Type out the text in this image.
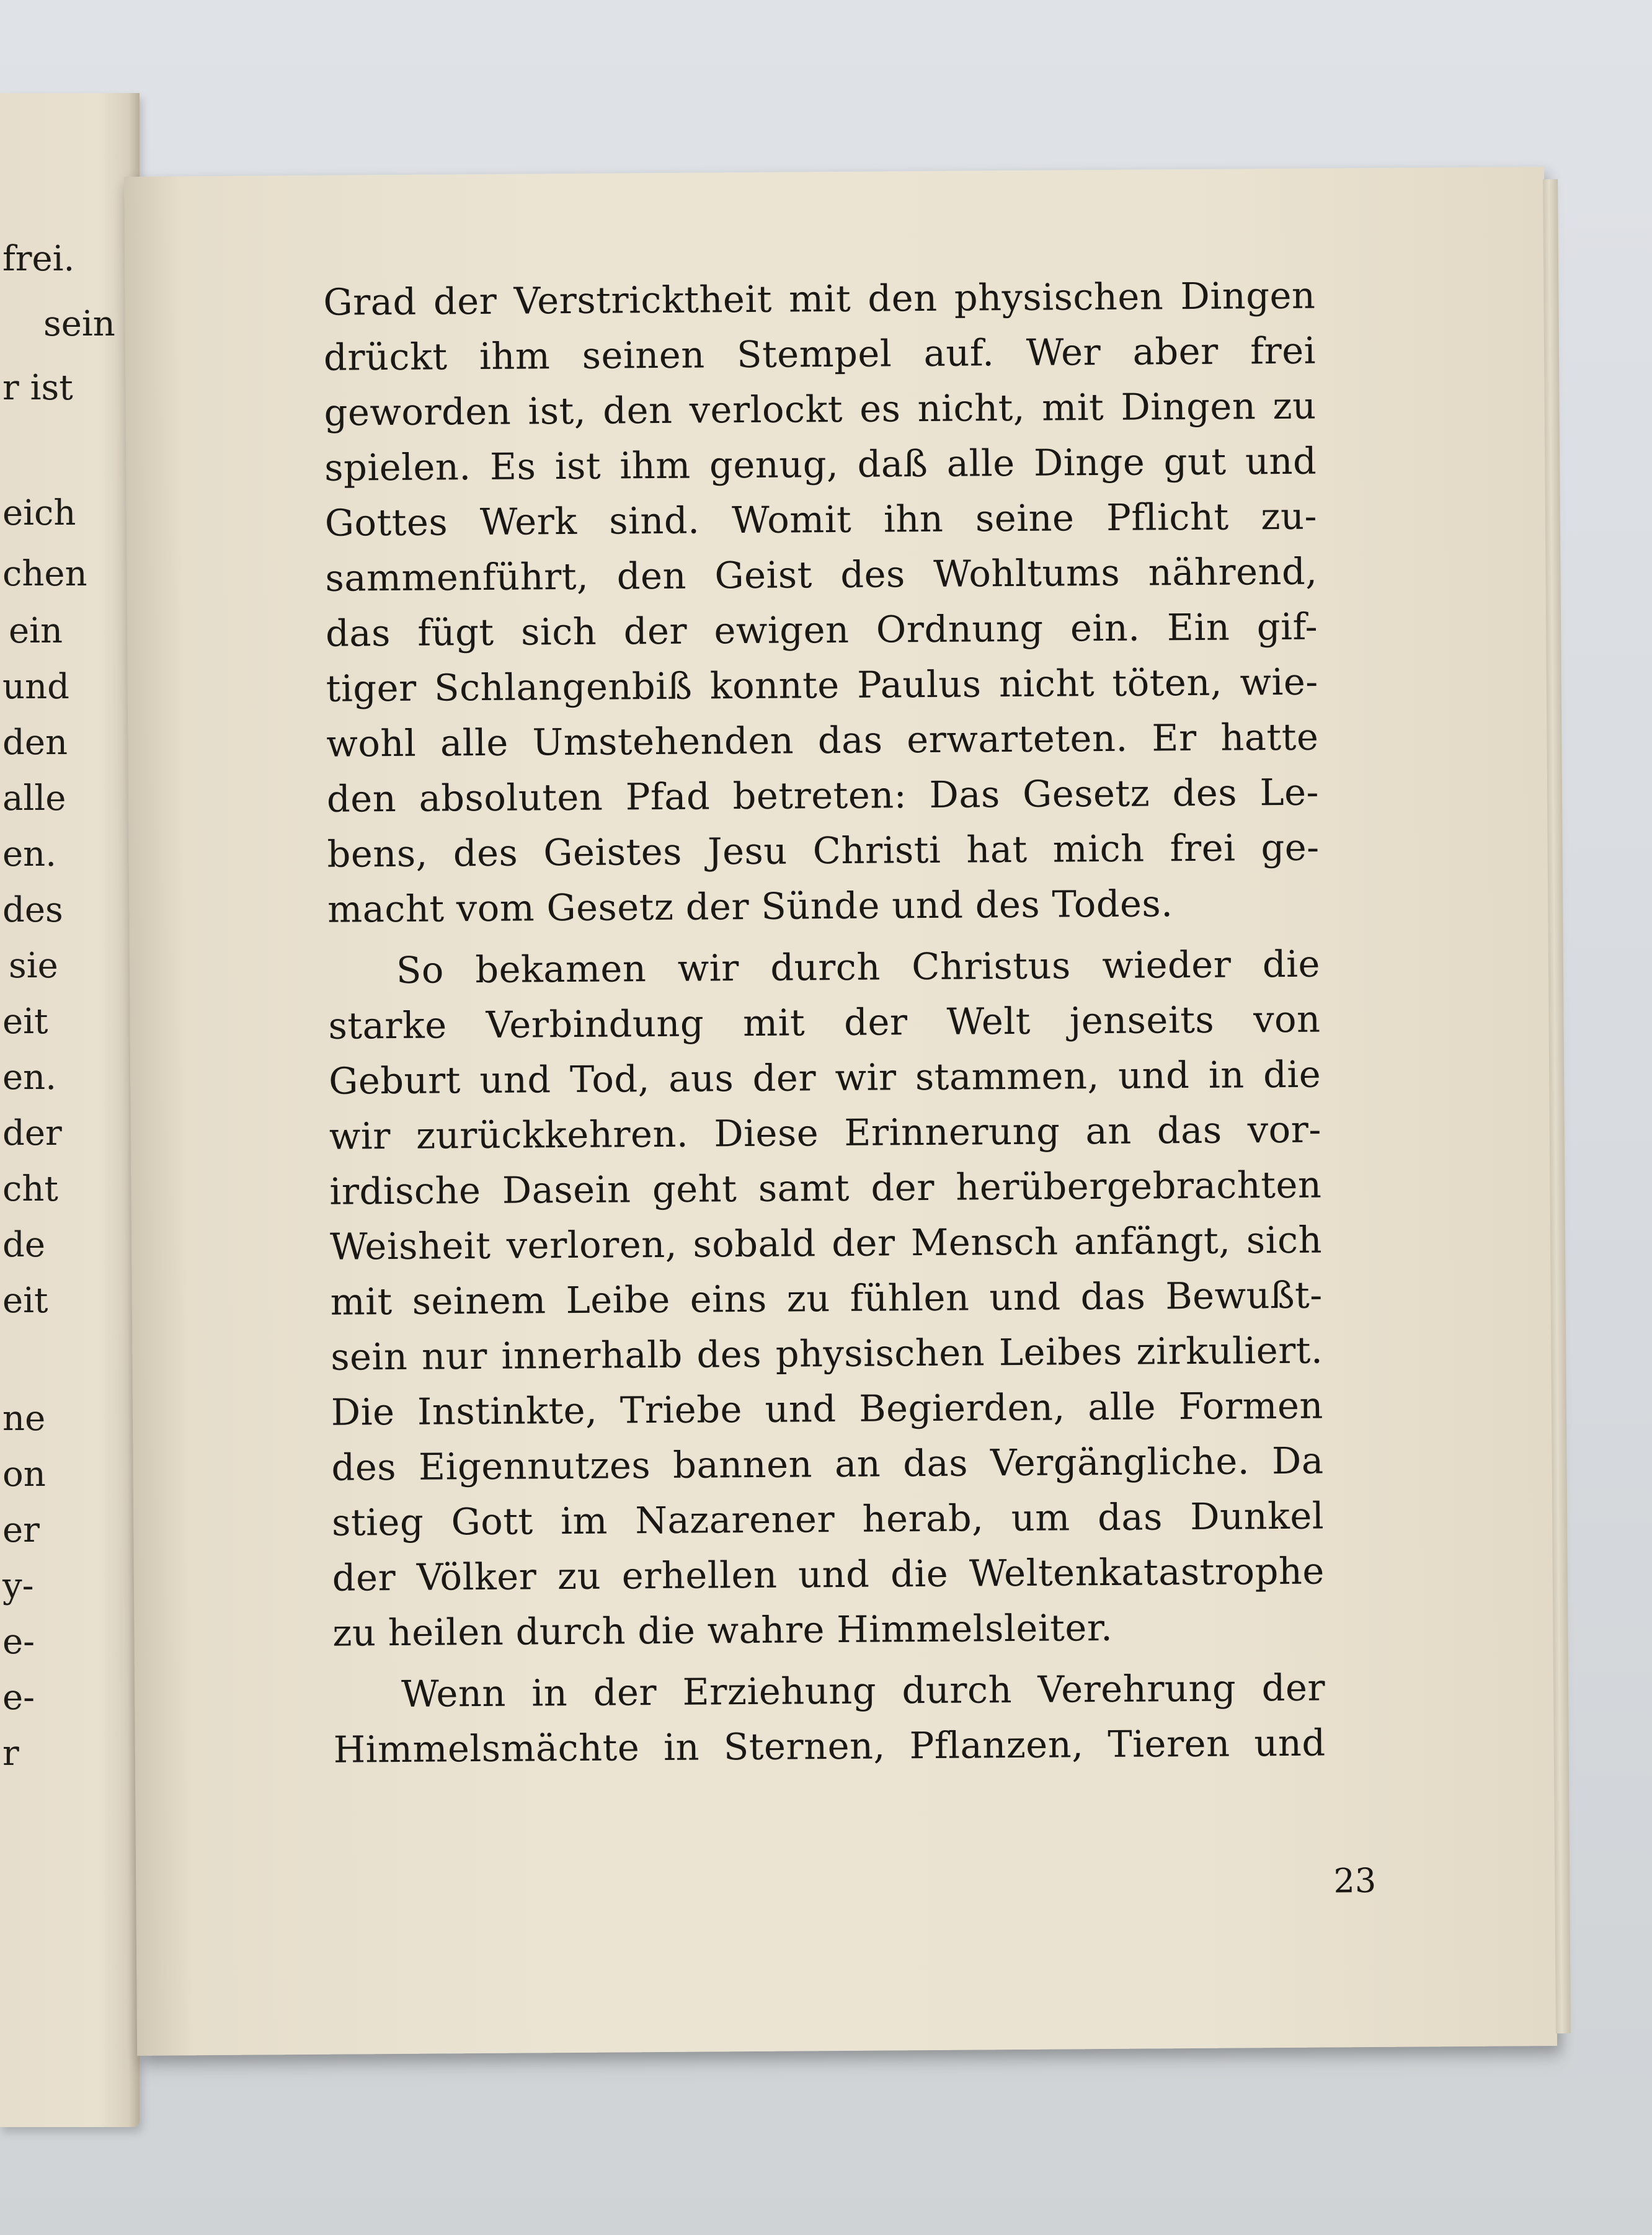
frei.
sein
r ist
eich
chen
ein
und
den
alle
en.
des
sie
eit
en.
der
cht
de
eit
ne
on
er
y-
e-
e-
r
Grad der Verstricktheit mit den physischen Dingen
drückt ihm seinen Stempel auf. Wer aber frei
geworden ist, den verlockt es nicht, mit Dingen zu
spielen. Es ist ihm genug, daß alle Dinge gut und
Gottes Werk sind. Womit ihn seine Pflicht zu-
sammenführt, den Geist des Wohltums nährend,
das fügt sich der ewigen Ordnung ein. Ein gif-
tiger Schlangenbiß konnte Paulus nicht töten, wie-
wohl alle Umstehenden das erwarteten. Er hatte
den absoluten Pfad betreten: Das Gesetz des Le-
bens, des Geistes Jesu Christi hat mich frei ge-
macht vom Gesetz der Sünde und des Todes.
So bekamen wir durch Christus wieder die
starke Verbindung mit der Welt jenseits von
Geburt und Tod, aus der wir stammen, und in die
wir zurückkehren. Diese Erinnerung an das vor-
irdische Dasein geht samt der herübergebrachten
Weisheit verloren, sobald der Mensch anfängt, sich
mit seinem Leibe eins zu fühlen und das Bewußt-
sein nur innerhalb des physischen Leibes zirkuliert.
Die Instinkte, Triebe und Begierden, alle Formen
des Eigennutzes bannen an das Vergängliche. Da
stieg Gott im Nazarener herab, um das Dunkel
der Völker zu erhellen und die Weltenkatastrophe
zu heilen durch die wahre Himmelsleiter.
Wenn in der Erziehung durch Verehrung der
Himmelsmächte in Sternen, Pflanzen, Tieren und
23
